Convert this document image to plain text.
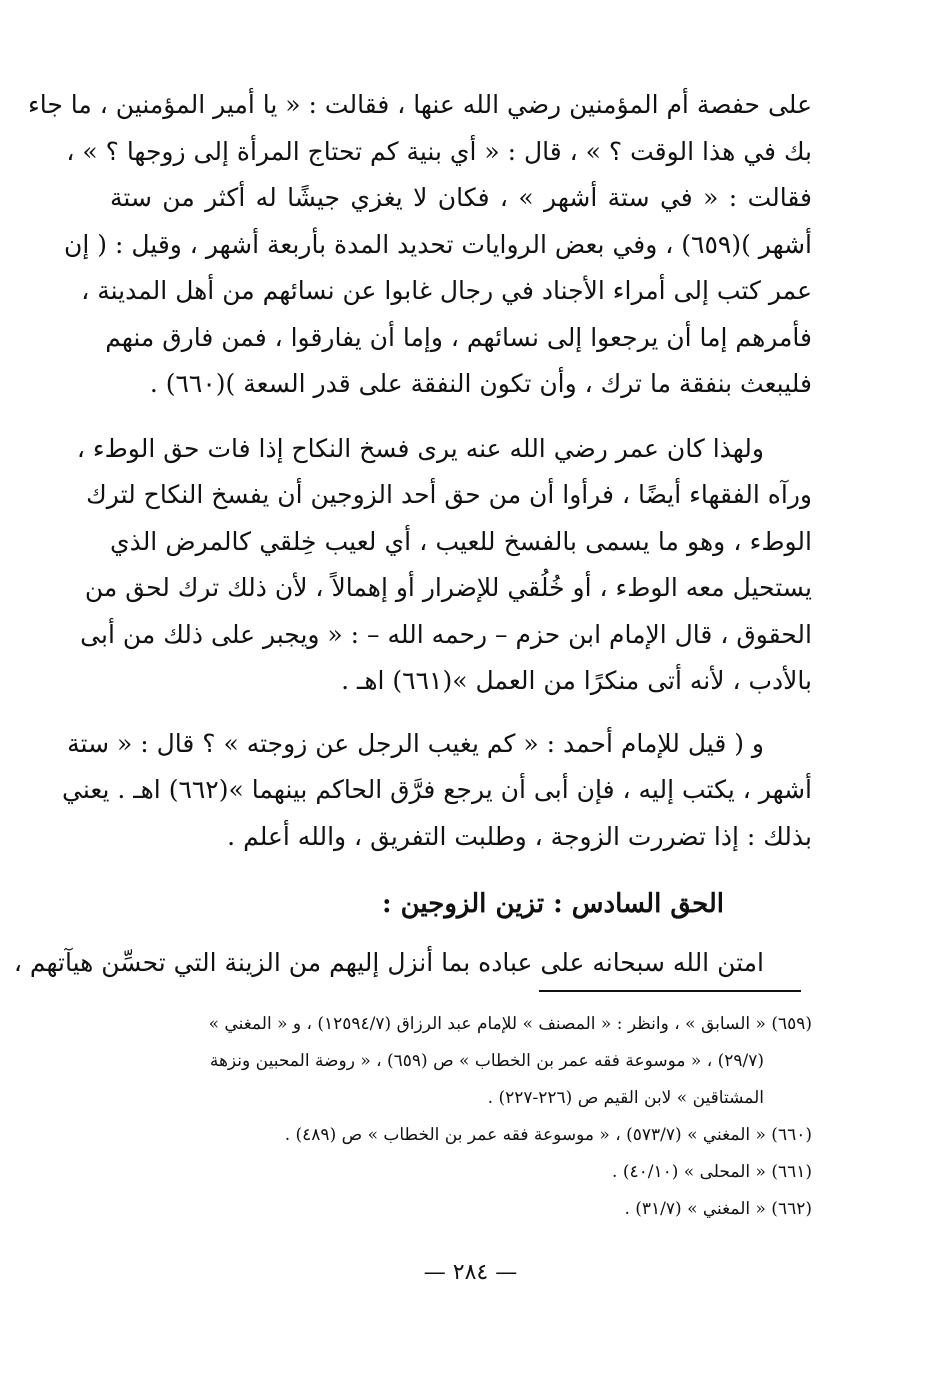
على حفصة أم المؤمنين رضي الله عنها ، فقالت : « يا أمير المؤمنين ، ما جاء
بك في هذا الوقت ؟ » ، قال : « أي بنية كم تحتاج المرأة إلى زوجها ؟ » ،
فقالت : « في ستة أشهر » ، فكان لا يغزي جيشًا له أكثر من ستة
أشهر )(٦٥٩) ، وفي بعض الروايات تحديد المدة بأربعة أشهر ، وقيل : ( إن
عمر كتب إلى أمراء الأجناد في رجال غابوا عن نسائهم من أهل المدينة ،
فأمرهم إما أن يرجعوا إلى نسائهم ، وإما أن يفارقوا ، فمن فارق منهم
فليبعث بنفقة ما ترك ، وأن تكون النفقة على قدر السعة )(٦٦٠) .

ولهذا كان عمر رضي الله عنه يرى فسخ النكاح إذا فات حق الوطء ،
ورآه الفقهاء أيضًا ، فرأوا أن من حق أحد الزوجين أن يفسخ النكاح لترك
الوطء ، وهو ما يسمى بالفسخ للعيب ، أي لعيب خِلقي كالمرض الذي
يستحيل معه الوطء ، أو خُلُقي للإضرار أو إهمالاً ، لأن ذلك ترك لحق من
الحقوق ، قال الإمام ابن حزم – رحمه الله – : « ويجبر على ذلك من أبى
بالأدب ، لأنه أتى منكرًا من العمل »(٦٦١) اهـ .

و ( قيل للإمام أحمد : « كم يغيب الرجل عن زوجته » ؟ قال : « ستة
أشهر ، يكتب إليه ، فإن أبى أن يرجع فرَّق الحاكم بينهما »(٦٦٢) اهـ . يعني
بذلك : إذا تضررت الزوجة ، وطلبت التفريق ، والله أعلم .

الحق السادس : تزين الزوجين :

امتن الله سبحانه على عباده بما أنزل إليهم من الزينة التي تحسِّن هيآتهم ،

(٦٥٩) « السابق » ، وانظر : « المصنف » للإمام عبد الرزاق (١٢٥٩٤/٧) ، و « المغني »
(٢٩/٧) ، « موسوعة فقه عمر بن الخطاب » ص (٦٥٩) ، « روضة المحبين ونزهة
المشتاقين » لابن القيم ص (٢٢٦-٢٢٧) .
(٦٦٠) « المغني » (٥٧٣/٧) ، « موسوعة فقه عمر بن الخطاب » ص (٤٨٩) .
(٦٦١) « المحلى » (٤٠/١٠) .
(٦٦٢) « المغني » (٣١/٧) .
— ٢٨٤ —
